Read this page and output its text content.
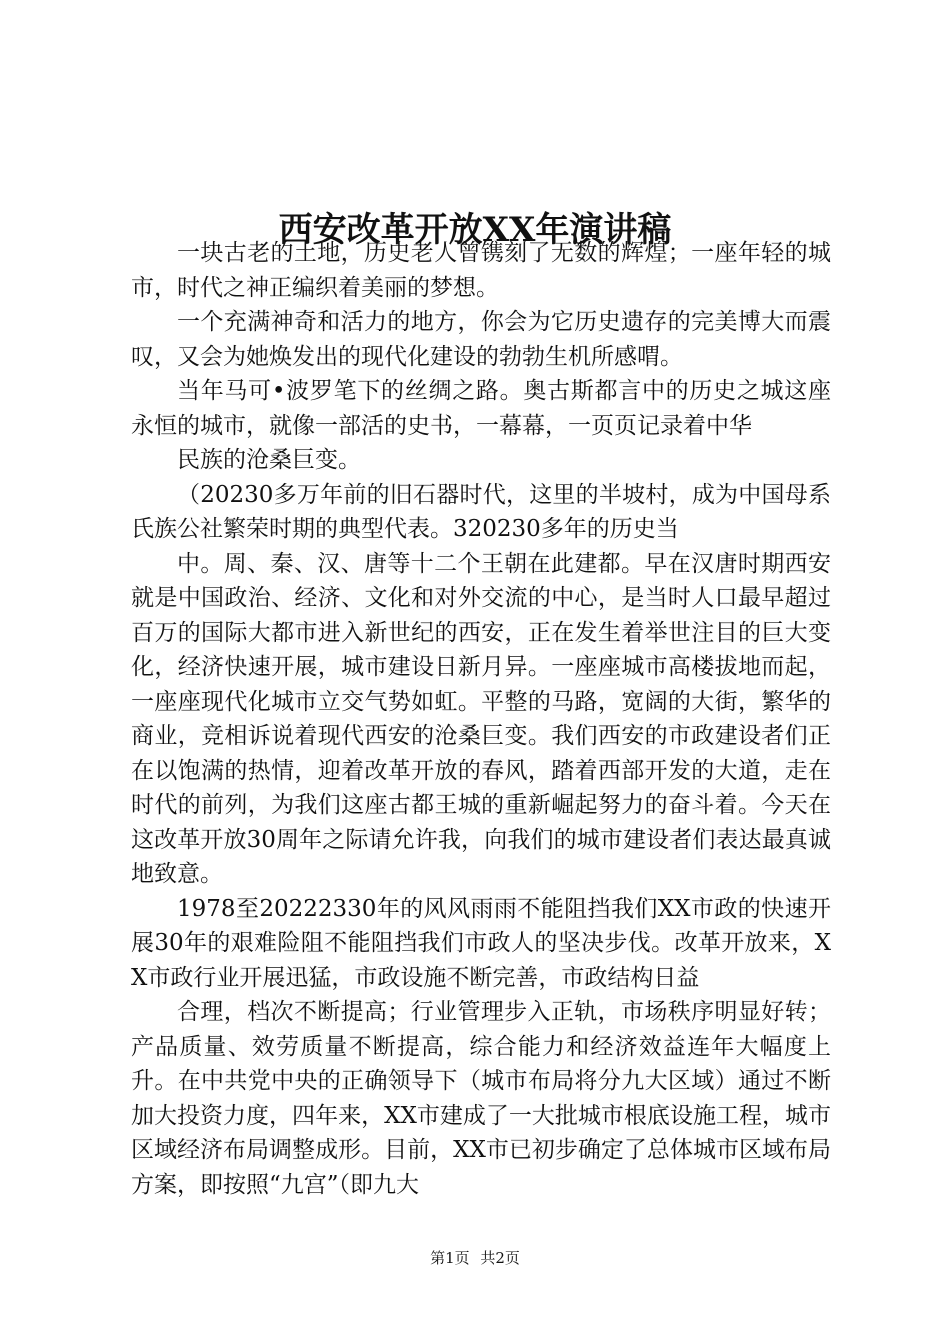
西安改革开放XX年演讲稿

一块古老的土地，历史老人曾镌刻了无数的辉煌；一座年轻的城市，时代之神正编织着美丽的梦想。

一个充满神奇和活力的地方，你会为它历史遗存的完美博大而震叹，又会为她焕发出的现代化建设的勃勃生机所感喟。

当年马可•波罗笔下的丝绸之路。奥古斯都言中的历史之城这座永恒的城市，就像一部活的史书，一幕幕，一页页记录着中华

民族的沧桑巨变。

（20230多万年前的旧石器时代，这里的半坡村，成为中国母系氏族公社繁荣时期的典型代表。320230多年的历史当

中。周、秦、汉、唐等十二个王朝在此建都。早在汉唐时期西安就是中国政治、经济、文化和对外交流的中心，是当时人口最早超过百万的国际大都市进入新世纪的西安，正在发生着举世注目的巨大变化，经济快速开展，城市建设日新月异。一座座城市高楼拔地而起，一座座现代化城市立交气势如虹。平整的马路，宽阔的大街，繁华的商业，竞相诉说着现代西安的沧桑巨变。我们西安的市政建设者们正在以饱满的热情，迎着改革开放的春风，踏着西部开发的大道，走在时代的前列，为我们这座古都王城的重新崛起努力的奋斗着。今天在这改革开放30周年之际请允许我，向我们的城市建设者们表达最真诚地致意。

1978至20222330年的风风雨雨不能阻挡我们XX市政的快速开展30年的艰难险阻不能阻挡我们市政人的坚决步伐。改革开放来，XX市政行业开展迅猛，市政设施不断完善，市政结构日益

合理，档次不断提高；行业管理步入正轨，市场秩序明显好转；产品质量、效劳质量不断提高，综合能力和经济效益连年大幅度上升。在中共党中央的正确领导下（城市布局将分九大区域）通过不断加大投资力度，四年来，XX市建成了一大批城市根底设施工程，城市区域经济布局调整成形。目前，XX市已初步确定了总体城市区域布局方案，即按照“九宫”（即九大

第1页 共2页
